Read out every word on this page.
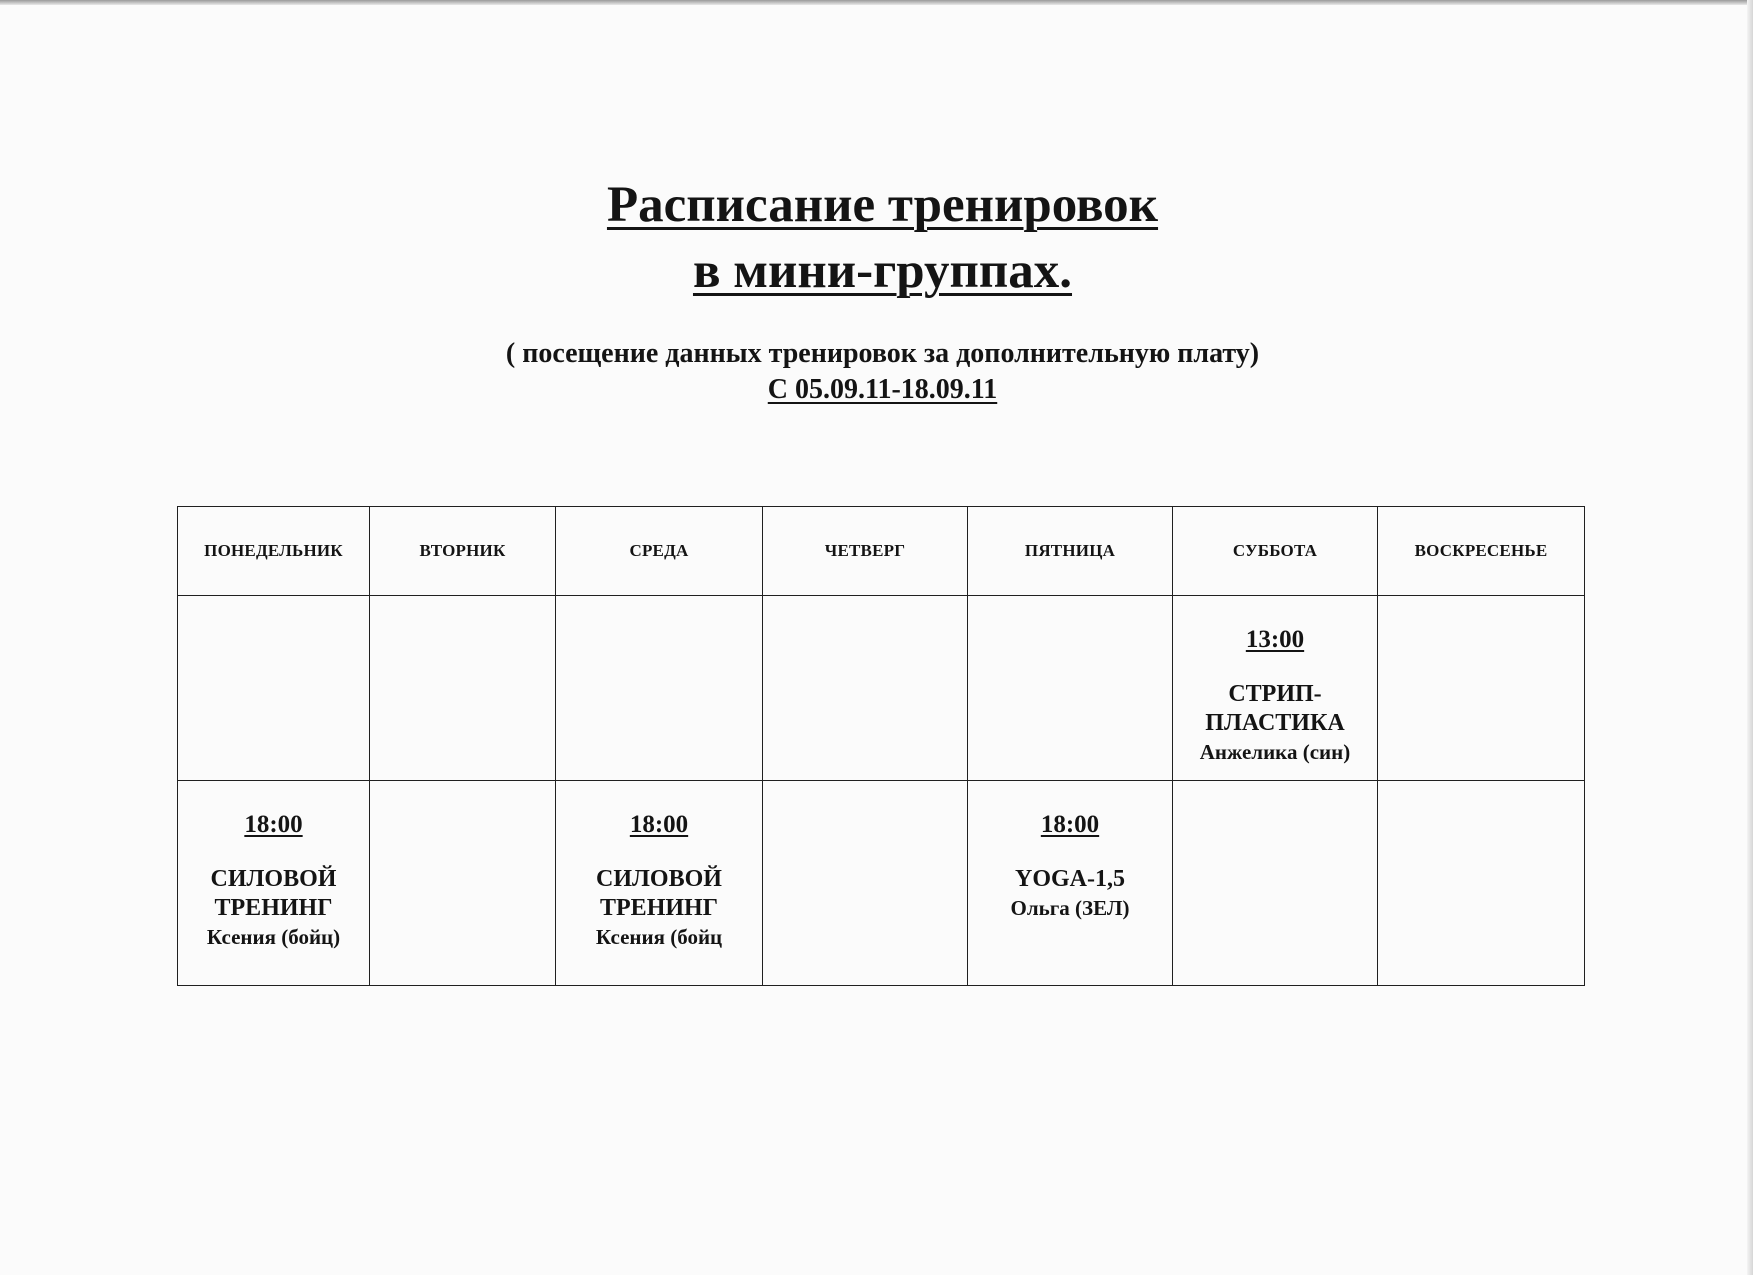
Расписание тренировок
в мини-группах.
( посещение данных тренировок за дополнительную плату)
С 05.09.11-18.09.11
ПОНЕДЕЛЬНИК	ВТОРНИК	СРЕДА	ЧЕТВЕРГ	ПЯТНИЦА	СУББОТА	ВОСКРЕСЕНЬЕ

					13:00
СТРИП-
ПЛАСТИКА
Анжелика (син)	

18:00
СИЛОВОЙ
ТРЕНИНГ
Ксения (бойц)		18:00
СИЛОВОЙ
ТРЕНИНГ
Ксения (бойц		18:00
YOGA-1,5
Ольга (ЗЕЛ)		
